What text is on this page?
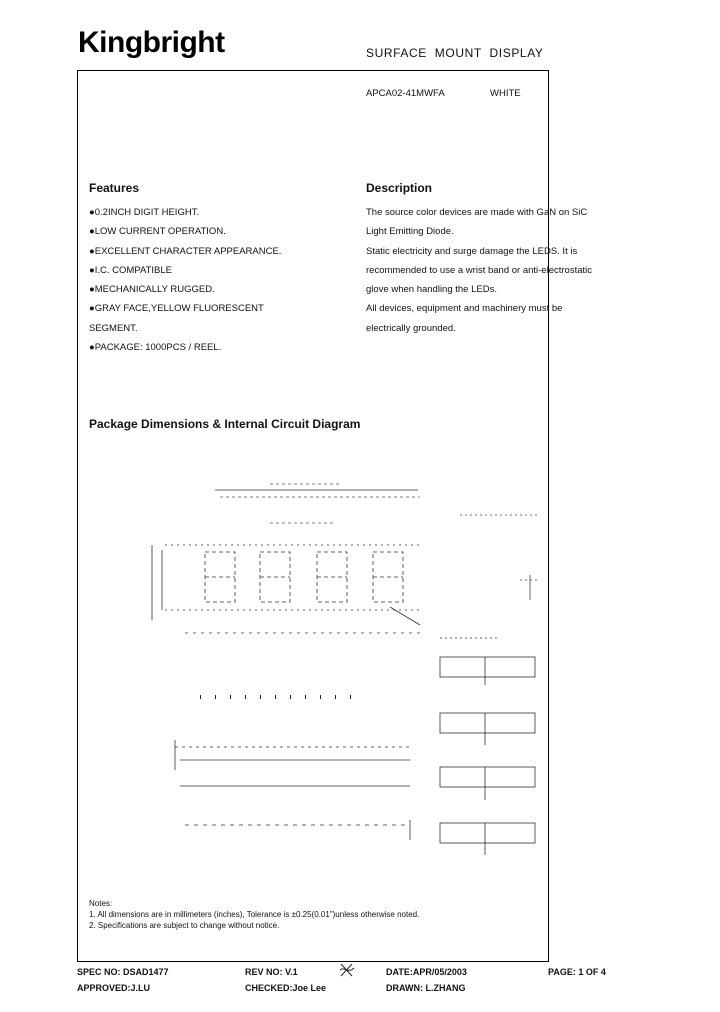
Kingbright	SURFACE MOUNT DISPLAY
APCA02-41MWFA	WHITE
Features
●0.2INCH DIGIT HEIGHT.
●LOW CURRENT OPERATION.
●EXCELLENT CHARACTER APPEARANCE.
●I.C. COMPATIBLE
●MECHANICALLY RUGGED.
●GRAY FACE,YELLOW FLUORESCENT
SEGMENT.
●PACKAGE: 1000PCS / REEL.
Description
The source color devices are made with GaN on SiC
Light Emitting Diode.
Static electricity and surge damage the LEDS. It is
recommended to use a wrist band or anti-electrostatic
glove when handling the LEDs.
All devices, equipment and machinery must be
electrically grounded.
Package Dimensions & Internal Circuit Diagram
Notes:
1. All dimensions are in millimeters (inches), Tolerance is ±0.25(0.01")unless otherwise noted.
2. Specifications are subject to change without notice.
SPEC NO: DSAD1477	REV NO: V.1	DATE:APR/05/2003	PAGE: 1 OF 4
APPROVED:J.LU	CHECKED:Joe Lee	DRAWN: L.ZHANG
